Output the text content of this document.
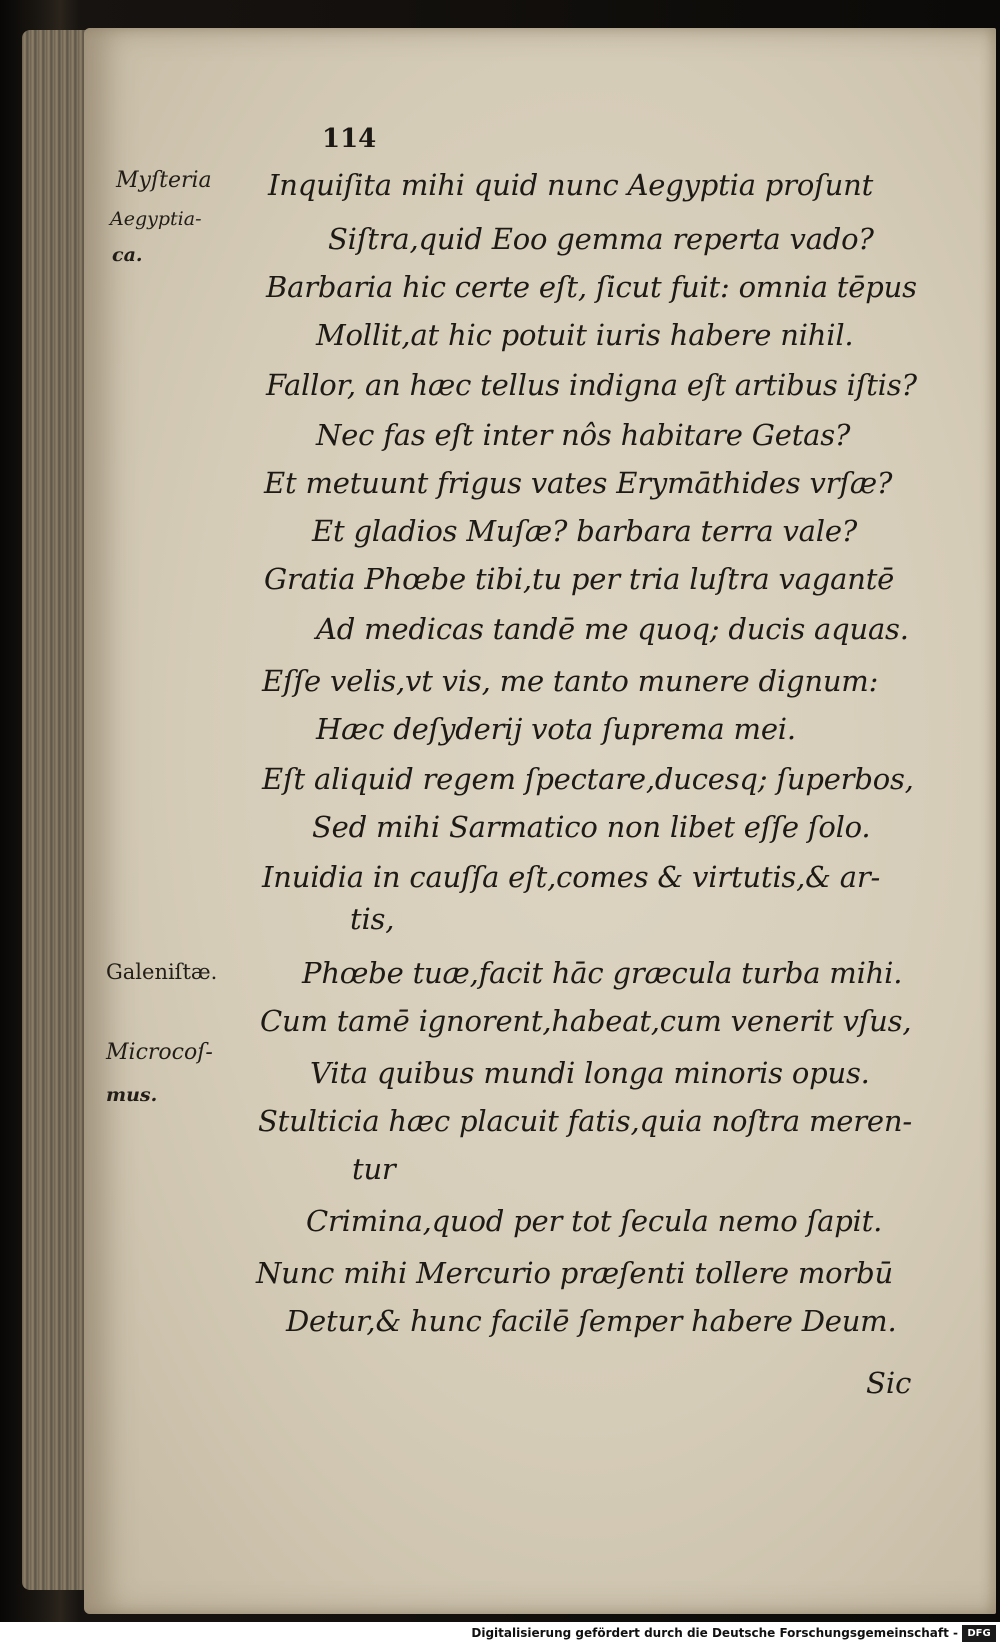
114
Myſteria
Aegyptia-
ca.
Galeniſtæ.
Microcoſ-
mus.
Inquiſita mihi quid nunc Aegyptia proſunt
Siſtra,quid Eoo gemma reperta vado?
Barbaria hic certe eſt, ſicut fuit: omnia tēpus
Mollit,at hic potuit iuris habere nihil.
Fallor, an hæc tellus indigna eſt artibus iſtis?
Nec fas eſt inter nôs habitare Getas?
Et metuunt frigus vates Erymāthides vrſæ?
Et gladios Muſæ? barbara terra vale?
Gratia Phœbe tibi,tu per tria luſtra vagantē
Ad medicas tandē me quoq; ducis aquas.
Eſſe velis,vt vis, me tanto munere dignum:
Hæc deſyderij vota ſuprema mei.
Eſt aliquid regem ſpectare,ducesq; ſuperbos,
Sed mihi Sarmatico non libet eſſe ſolo.
Inuidia in cauſſa eſt,comes & virtutis,& ar-
tis,
Phœbe tuæ,facit hāc græcula turba mihi.
Cum tamē ignorent,habeat,cum venerit vſus,
Vita quibus mundi longa minoris opus.
Stulticia hæc placuit fatis,quia noſtra meren-
tur
Crimina,quod per tot ſecula nemo ſapit.
Nunc mihi Mercurio præſenti tollere morbū
Detur,& hunc facilē ſemper habere Deum.
Sic
Digitalisierung gefördert durch die Deutsche Forschungsgemeinschaft - DFG
